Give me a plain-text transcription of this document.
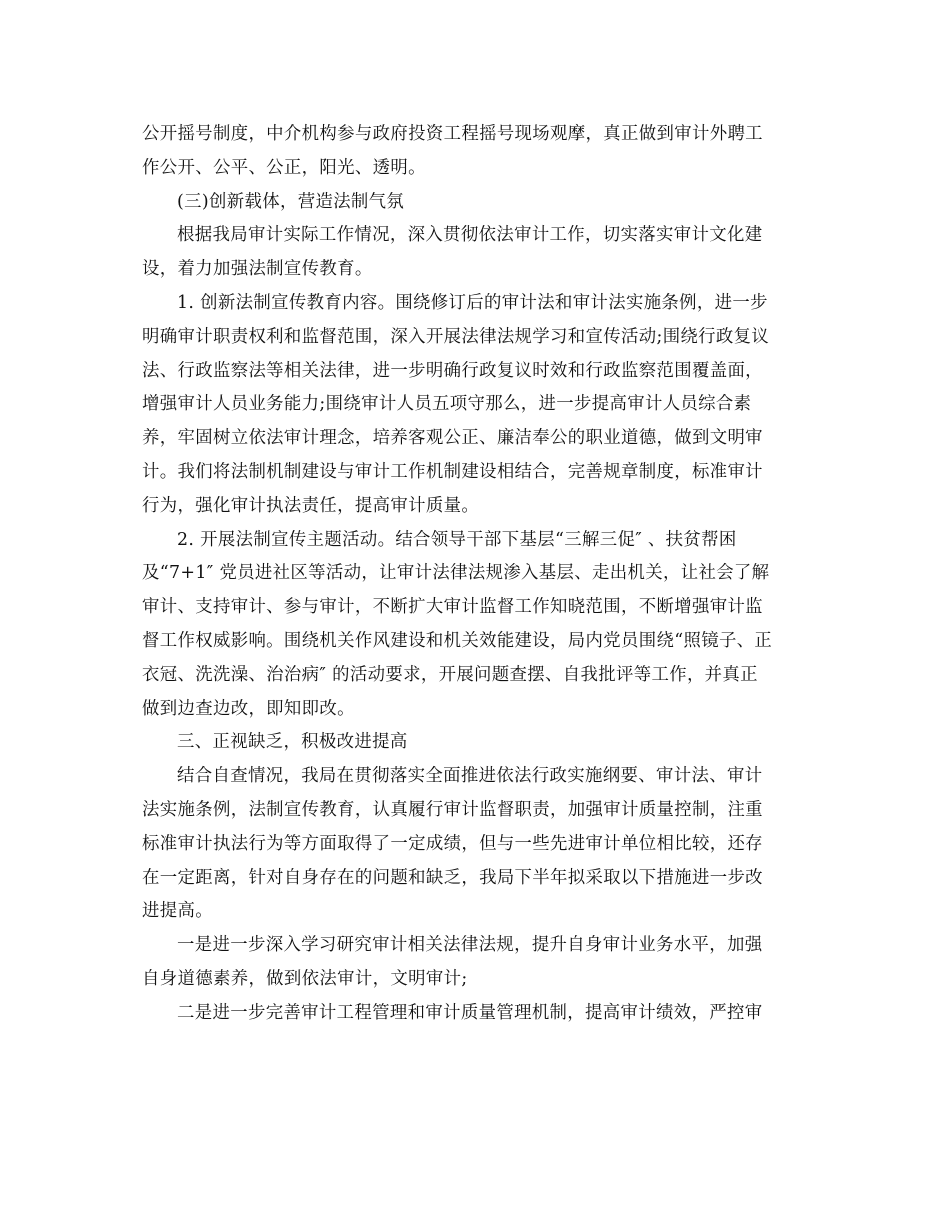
公开摇号制度，中介机构参与政府投资工程摇号现场观摩，真正做到审计外聘工
作公开、公平、公正，阳光、透明。
(三)创新载体，营造法制气氛
根据我局审计实际工作情况，深入贯彻依法审计工作，切实落实审计文化建
设，着力加强法制宣传教育。
1. 创新法制宣传教育内容。围绕修订后的审计法和审计法实施条例，进一步
明确审计职责权利和监督范围，深入开展法律法规学习和宣传活动;围绕行政复议
法、行政监察法等相关法律，进一步明确行政复议时效和行政监察范围覆盖面，
增强审计人员业务能力;围绕审计人员五项守那么，进一步提高审计人员综合素
养，牢固树立依法审计理念，培养客观公正、廉洁奉公的职业道德，做到文明审
计。我们将法制机制建设与审计工作机制建设相结合，完善规章制度，标准审计
行为，强化审计执法责任，提高审计质量。
2. 开展法制宣传主题活动。结合领导干部下基层“三解三促″ 、扶贫帮困
及“7+1″ 党员进社区等活动，让审计法律法规渗入基层、走出机关，让社会了解
审计、支持审计、参与审计，不断扩大审计监督工作知晓范围，不断增强审计监
督工作权威影响。围绕机关作风建设和机关效能建设，局内党员围绕“照镜子、正
衣冠、洗洗澡、治治病″ 的活动要求，开展问题查摆、自我批评等工作，并真正
做到边查边改，即知即改。
三、正视缺乏，积极改进提高
结合自查情况，我局在贯彻落实全面推进依法行政实施纲要、审计法、审计
法实施条例，法制宣传教育，认真履行审计监督职责，加强审计质量控制，注重
标准审计执法行为等方面取得了一定成绩，但与一些先进审计单位相比较，还存
在一定距离，针对自身存在的问题和缺乏，我局下半年拟采取以下措施进一步改
进提高。
一是进一步深入学习研究审计相关法律法规，提升自身审计业务水平，加强
自身道德素养，做到依法审计，文明审计;
二是进一步完善审计工程管理和审计质量管理机制，提高审计绩效，严控审
